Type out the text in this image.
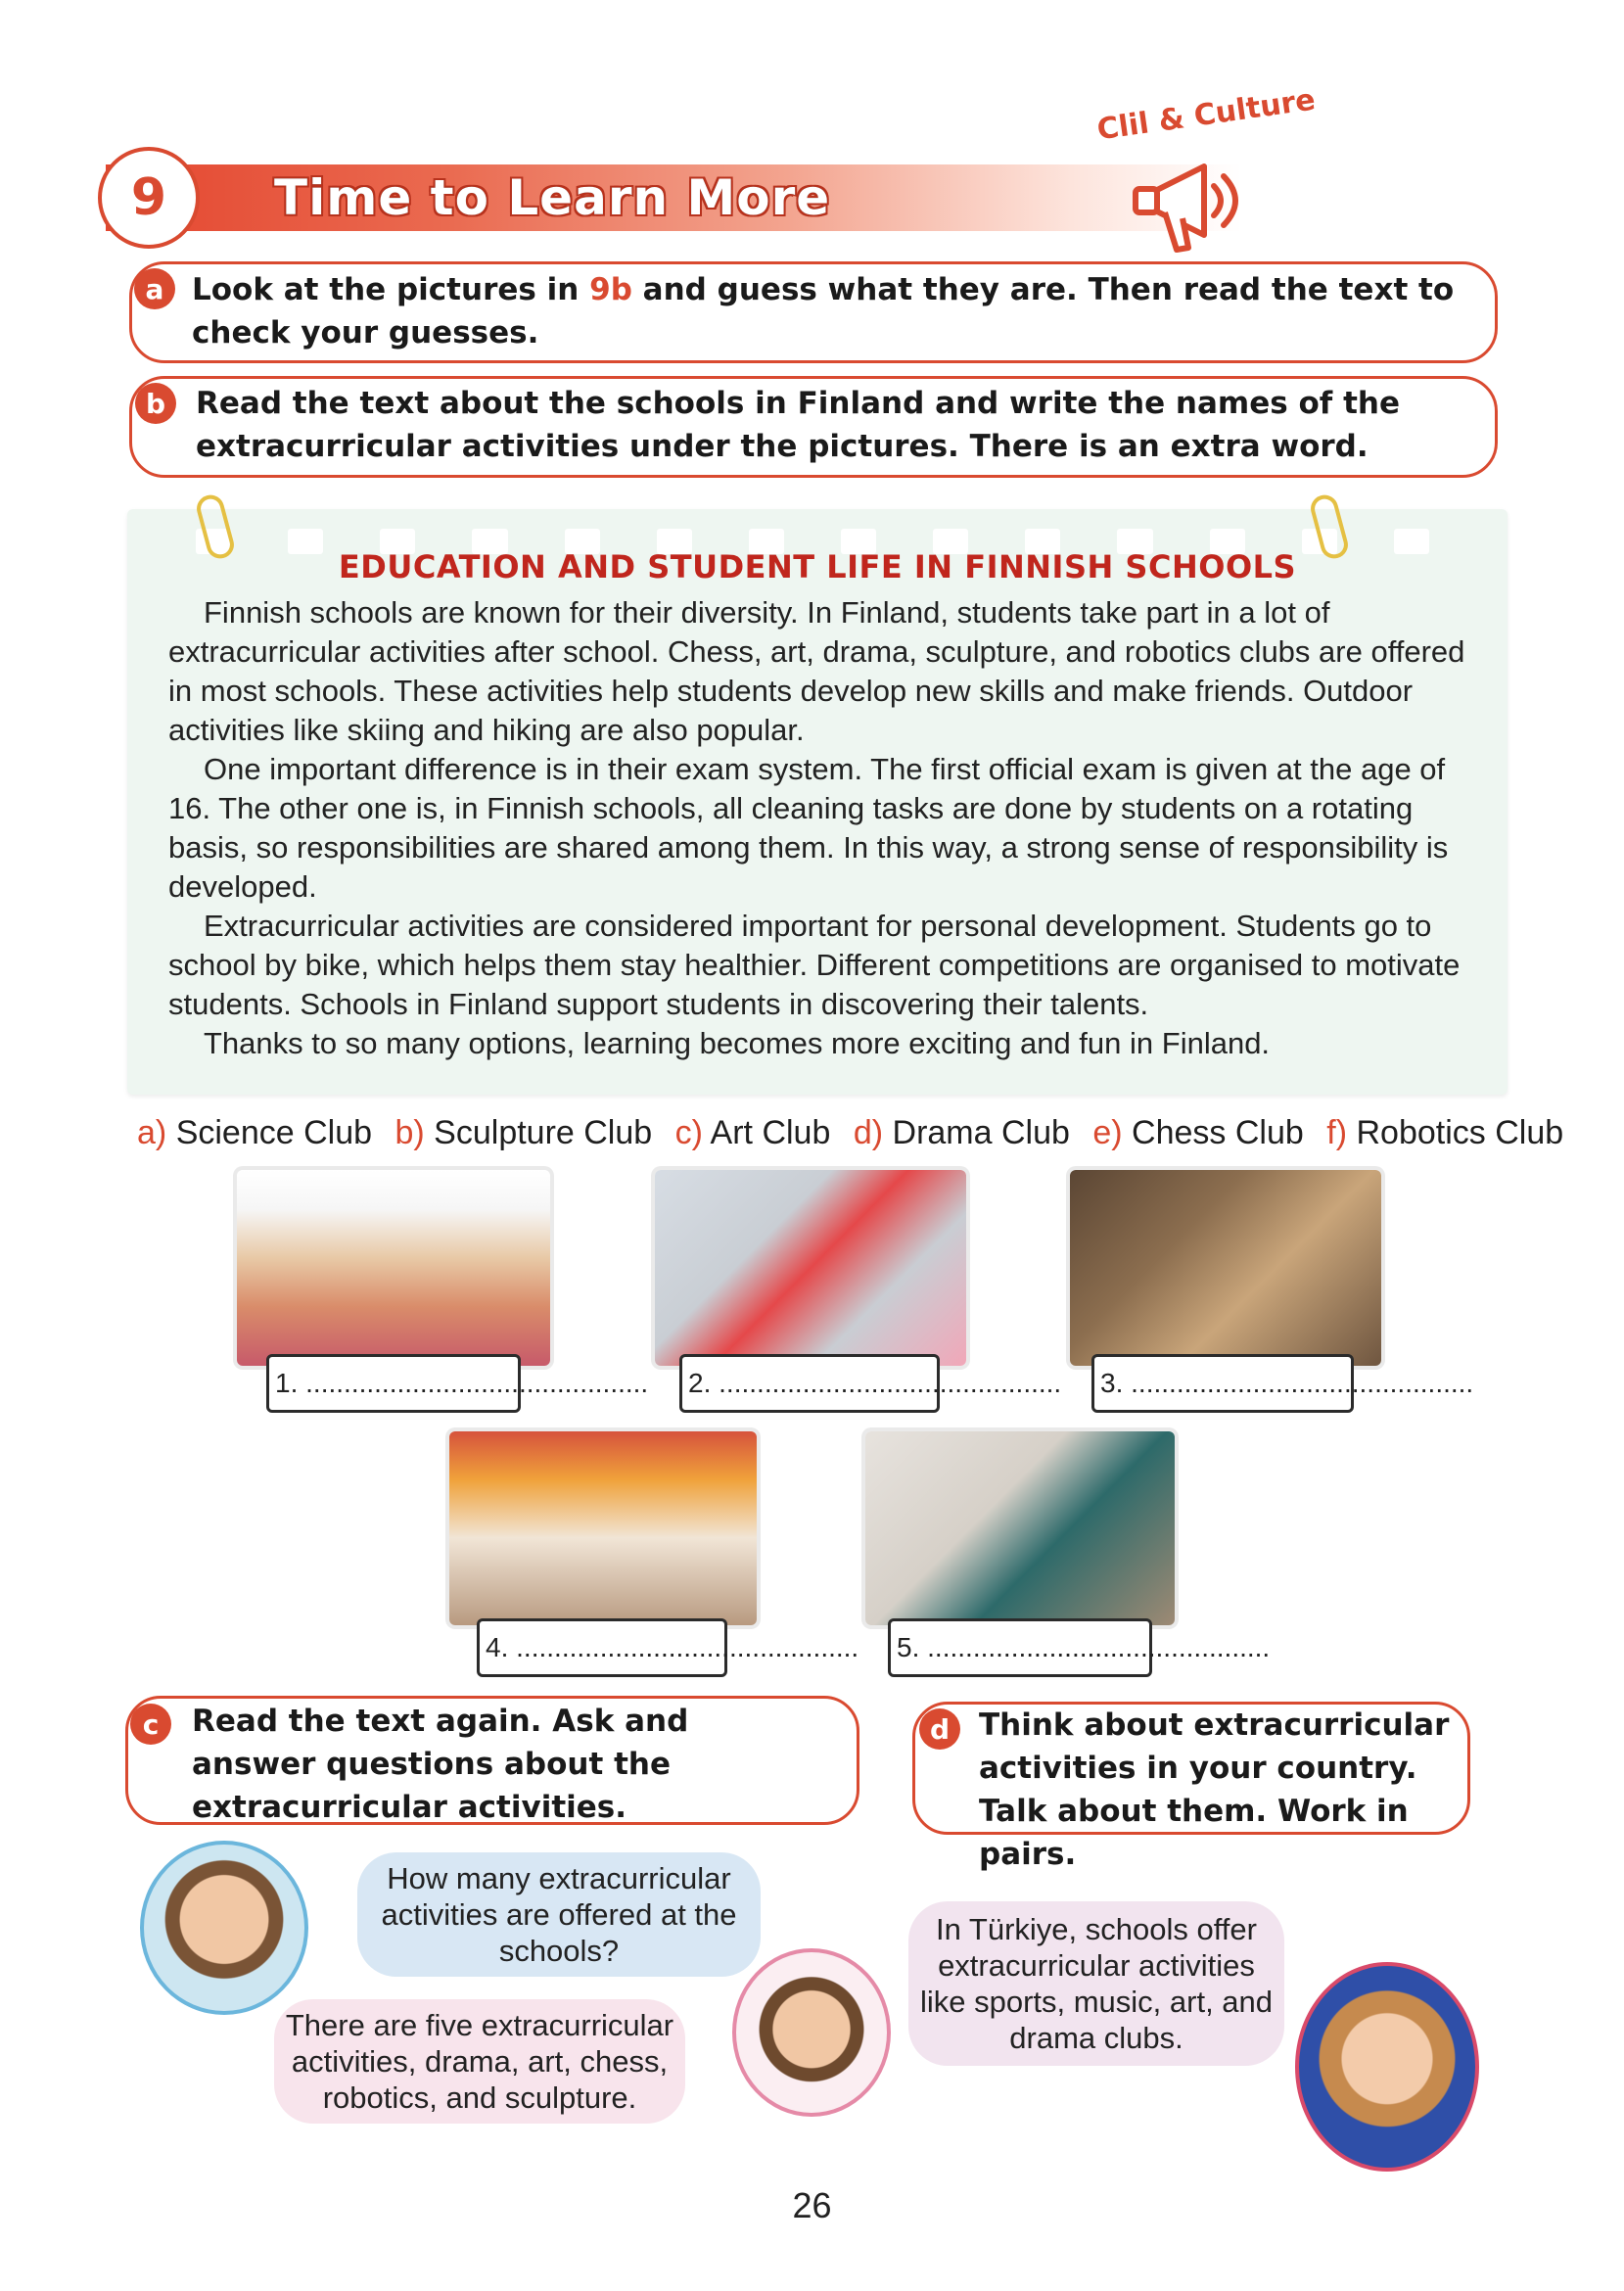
9	Time to Learn More
Clil & Culture
a Look at the pictures in 9b and guess what they are. Then read the text to check your guesses.
b Read the text about the schools in Finland and write the names of the extracurricular activities under the pictures. There is an extra word.
EDUCATION AND STUDENT LIFE IN FINNISH SCHOOLS

Finnish schools are known for their diversity. In Finland, students take part in a lot of extracurricular activities after school. Chess, art, drama, sculpture, and robotics clubs are offered in most schools. These activities help students develop new skills and make friends. Outdoor activities like skiing and hiking are also popular.

One important difference is in their exam system. The first official exam is given at the age of 16. The other one is, in Finnish schools, all cleaning tasks are done by students on a rotating basis, so responsibilities are shared among them. In this way, a strong sense of responsibility is developed.

Extracurricular activities are considered important for personal development. Students go to school by bike, which helps them stay healthier. Different competitions are organised to motivate students. Schools in Finland support students in discovering their talents.

Thanks to so many options, learning becomes more exciting and fun in Finland.

a) Science Club b) Sculpture Club c) Art Club d) Drama Club e) Chess Club f) Robotics Club
1. .............................................	2. .............................................	3. .............................................
4. .............................................	5. .............................................
c	Read the text again. Ask and answer questions about the extracurricular activities.
d Think about extracurricular activities in your country. Talk about them. Work in pairs.
How many extracurricular activities are offered at the schools?
There are five extracurricular activities, drama, art, chess, robotics, and sculpture.
In Türkiye, schools offer extracurricular activities like sports, music, art, and drama clubs.
26
